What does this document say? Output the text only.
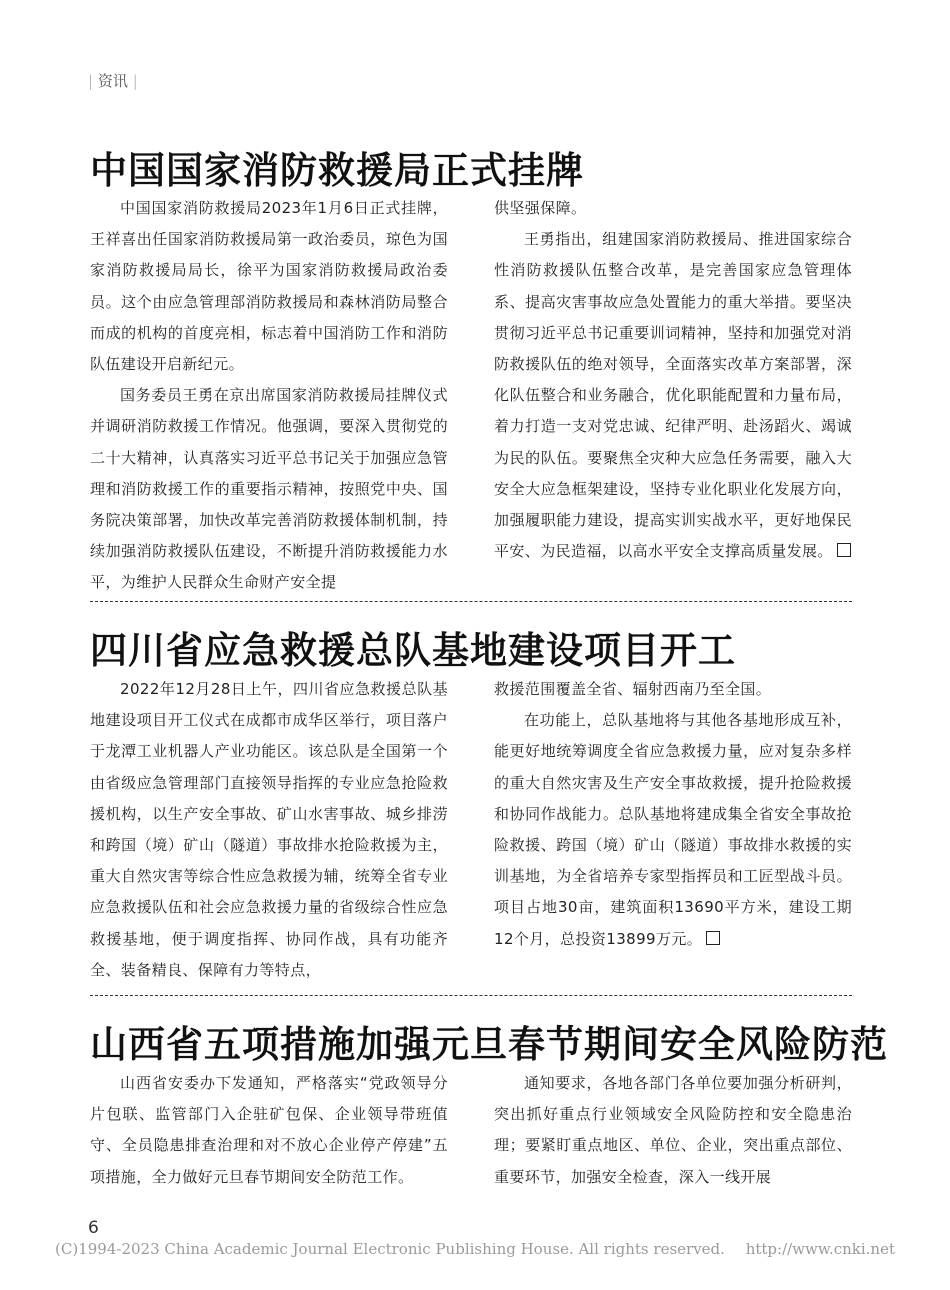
| 资讯 |
中国国家消防救援局正式挂牌

中国国家消防救援局2023年1月6日正式挂牌，王祥喜出任国家消防救援局第一政治委员，琼色为国家消防救援局局长，徐平为国家消防救援局政治委员。这个由应急管理部消防救援局和森林消防局整合而成的机构的首度亮相，标志着中国消防工作和消防队伍建设开启新纪元。

国务委员王勇在京出席国家消防救援局挂牌仪式并调研消防救援工作情况。他强调，要深入贯彻党的二十大精神，认真落实习近平总书记关于加强应急管理和消防救援工作的重要指示精神，按照党中央、国务院决策部署，加快改革完善消防救援体制机制，持续加强消防救援队伍建设，不断提升消防救援能力水平，为维护人民群众生命财产安全提

供坚强保障。

王勇指出，组建国家消防救援局、推进国家综合性消防救援队伍整合改革，是完善国家应急管理体系、提高灾害事故应急处置能力的重大举措。要坚决贯彻习近平总书记重要训词精神，坚持和加强党对消防救援队伍的绝对领导，全面落实改革方案部署，深化队伍整合和业务融合，优化职能配置和力量布局，着力打造一支对党忠诚、纪律严明、赴汤蹈火、竭诚为民的队伍。要聚焦全灾种大应急任务需要，融入大安全大应急框架建设，坚持专业化职业化发展方向，加强履职能力建设，提高实训实战水平，更好地保民平安、为民造福，以高水平安全支撑高质量发展。

四川省应急救援总队基地建设项目开工

2022年12月28日上午，四川省应急救援总队基地建设项目开工仪式在成都市成华区举行，项目落户于龙潭工业机器人产业功能区。该总队是全国第一个由省级应急管理部门直接领导指挥的专业应急抢险救援机构，以生产安全事故、矿山水害事故、城乡排涝和跨国（境）矿山（隧道）事故排水抢险救援为主，重大自然灾害等综合性应急救援为辅，统筹全省专业应急救援队伍和社会应急救援力量的省级综合性应急救援基地，便于调度指挥、协同作战，具有功能齐全、装备精良、保障有力等特点，

救援范围覆盖全省、辐射西南乃至全国。

在功能上，总队基地将与其他各基地形成互补，能更好地统筹调度全省应急救援力量，应对复杂多样的重大自然灾害及生产安全事故救援，提升抢险救援和协同作战能力。总队基地将建成集全省安全事故抢险救援、跨国（境）矿山（隧道）事故排水救援的实训基地，为全省培养专家型指挥员和工匠型战斗员。项目占地30亩，建筑面积13690平方米，建设工期12个月，总投资13899万元。

山西省五项措施加强元旦春节期间安全风险防范

山西省安委办下发通知，严格落实“党政领导分片包联、监管部门入企驻矿包保、企业领导带班值守、全员隐患排查治理和对不放心企业停产停建”五项措施，全力做好元旦春节期间安全防范工作。

通知要求，各地各部门各单位要加强分析研判，突出抓好重点行业领域安全风险防控和安全隐患治理；要紧盯重点地区、单位、企业，突出重点部位、重要环节，加强安全检查，深入一线开展

6
(C)1994-2023 China Academic Journal Electronic Publishing House. All rights reserved. http://www.cnki.net
